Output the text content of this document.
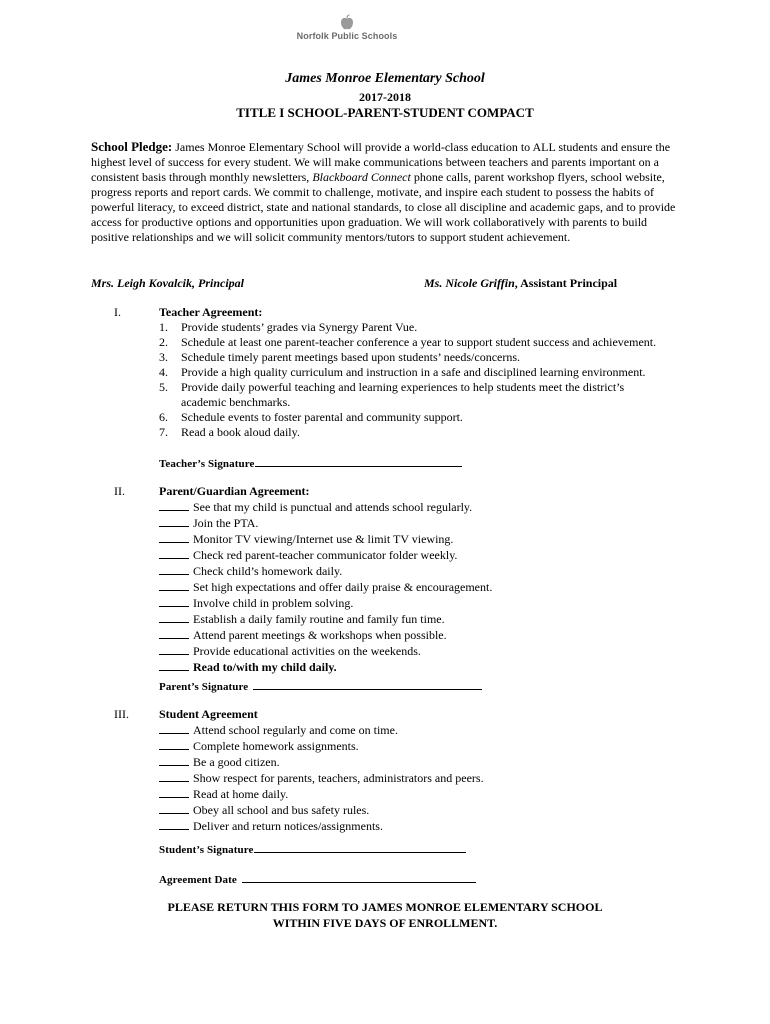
Norfolk Public Schools
James Monroe Elementary School
2017-2018
TITLE I SCHOOL-PARENT-STUDENT COMPACT
School Pledge: James Monroe Elementary School will provide a world-class education to ALL students and ensure the highest level of success for every student. We will make communications between teachers and parents important on a consistent basis through monthly newsletters, Blackboard Connect phone calls, parent workshop flyers, school website, progress reports and report cards. We commit to challenge, motivate, and inspire each student to possess the habits of powerful literacy, to exceed district, state and national standards, to close all discipline and academic gaps, and to provide access for productive options and opportunities upon graduation. We will work collaboratively with parents to build positive relationships and we will solicit community mentors/tutors to support student achievement.
Mrs. Leigh Kovalcik, Principal	Ms. Nicole Griffin, Assistant Principal
I.	Teacher Agreement:
1.	Provide students’ grades via Synergy Parent Vue.
2.	Schedule at least one parent-teacher conference a year to support student success and achievement.
3.	Schedule timely parent meetings based upon students’ needs/concerns.
4.	Provide a high quality curriculum and instruction in a safe and disciplined learning environment.
5.	Provide daily powerful teaching and learning experiences to help students meet the district’s academic benchmarks.
6.	Schedule events to foster parental and community support.
7.	Read a book aloud daily.
Teacher’s Signature
II.	Parent/Guardian Agreement:
See that my child is punctual and attends school regularly.
Join the PTA.
Monitor TV viewing/Internet use & limit TV viewing.
Check red parent-teacher communicator folder weekly.
Check child’s homework daily.
Set high expectations and offer daily praise & encouragement.
Involve child in problem solving.
Establish a daily family routine and family fun time.
Attend parent meetings & workshops when possible.
Provide educational activities on the weekends.
Read to/with my child daily.
Parent’s Signature
III.	Student Agreement
Attend school regularly and come on time.
Complete homework assignments.
Be a good citizen.
Show respect for parents, teachers, administrators and peers.
Read at home daily.
Obey all school and bus safety rules.
Deliver and return notices/assignments.
Student’s Signature
Agreement Date
PLEASE RETURN THIS FORM TO JAMES MONROE ELEMENTARY SCHOOL
WITHIN FIVE DAYS OF ENROLLMENT.
